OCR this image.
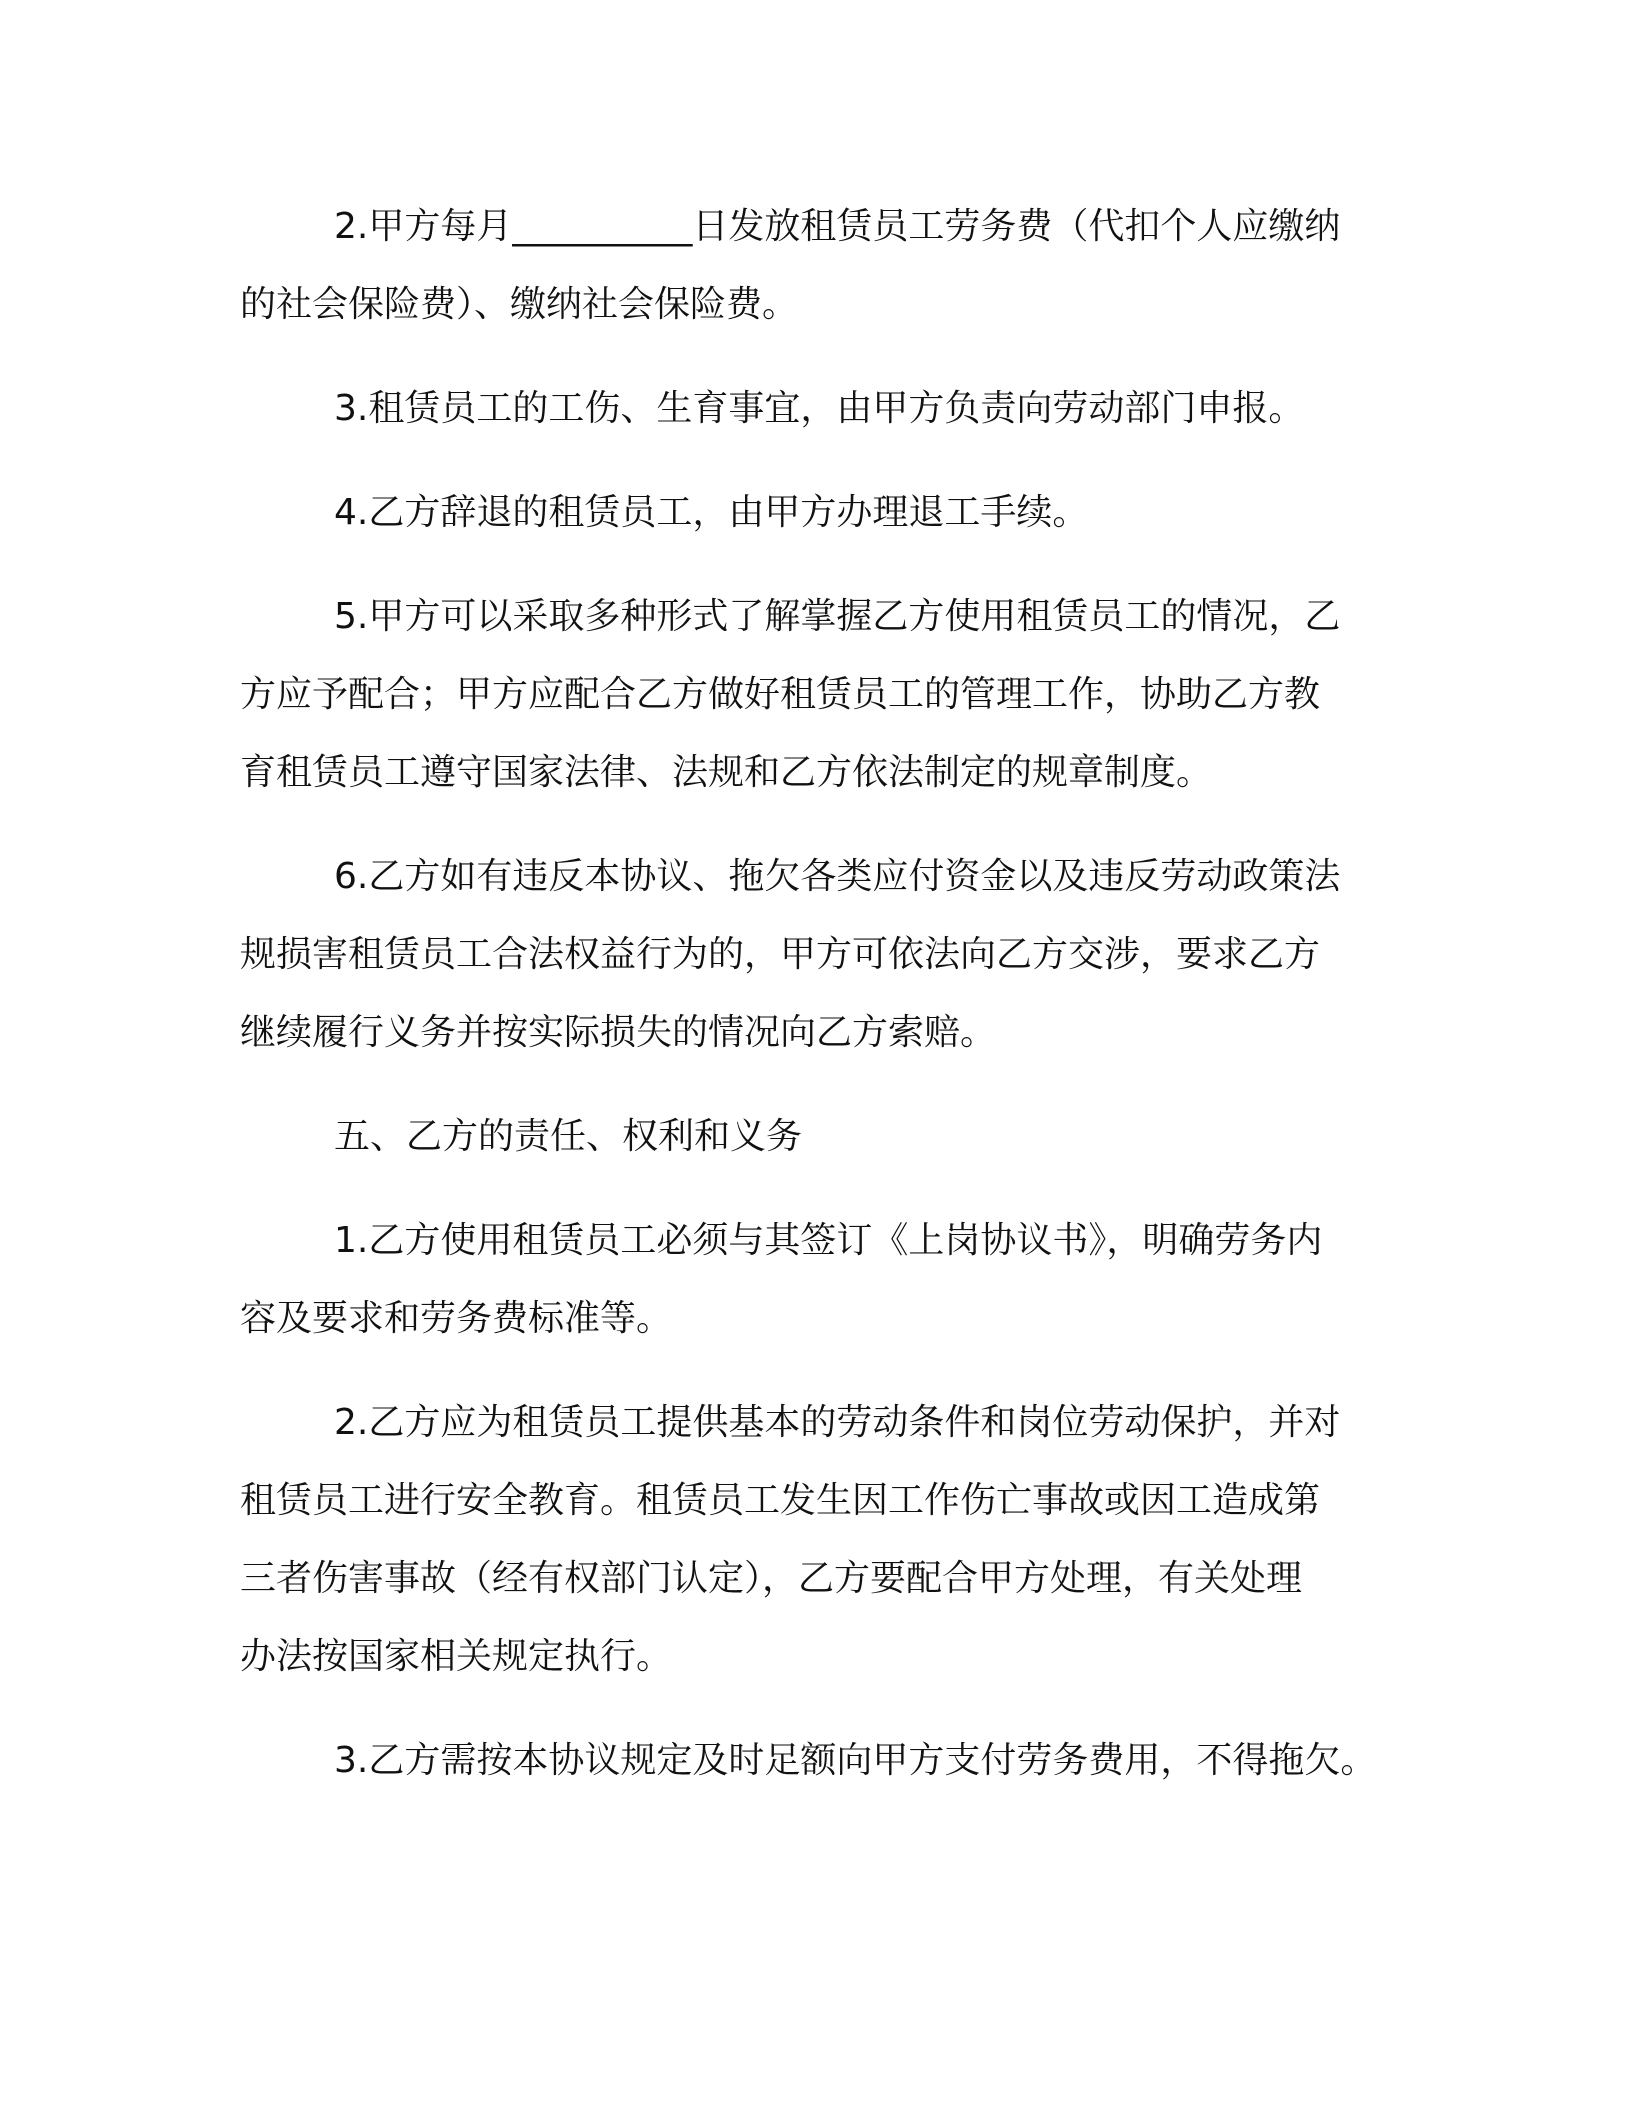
2.甲方每月__________日发放租赁员工劳务费（代扣个人应缴纳
的社会保险费）、缴纳社会保险费。

3.租赁员工的工伤、生育事宜，由甲方负责向劳动部门申报。

4.乙方辞退的租赁员工，由甲方办理退工手续。

5.甲方可以采取多种形式了解掌握乙方使用租赁员工的情况，乙
方应予配合；甲方应配合乙方做好租赁员工的管理工作，协助乙方教
育租赁员工遵守国家法律、法规和乙方依法制定的规章制度。

6.乙方如有违反本协议、拖欠各类应付资金以及违反劳动政策法
规损害租赁员工合法权益行为的，甲方可依法向乙方交涉，要求乙方
继续履行义务并按实际损失的情况向乙方索赔。

五、乙方的责任、权利和义务

1.乙方使用租赁员工必须与其签订《上岗协议书》，明确劳务内
容及要求和劳务费标准等。

2.乙方应为租赁员工提供基本的劳动条件和岗位劳动保护，并对
租赁员工进行安全教育。租赁员工发生因工作伤亡事故或因工造成第
三者伤害事故（经有权部门认定），乙方要配合甲方处理，有关处理
办法按国家相关规定执行。

3.乙方需按本协议规定及时足额向甲方支付劳务费用，不得拖欠。
